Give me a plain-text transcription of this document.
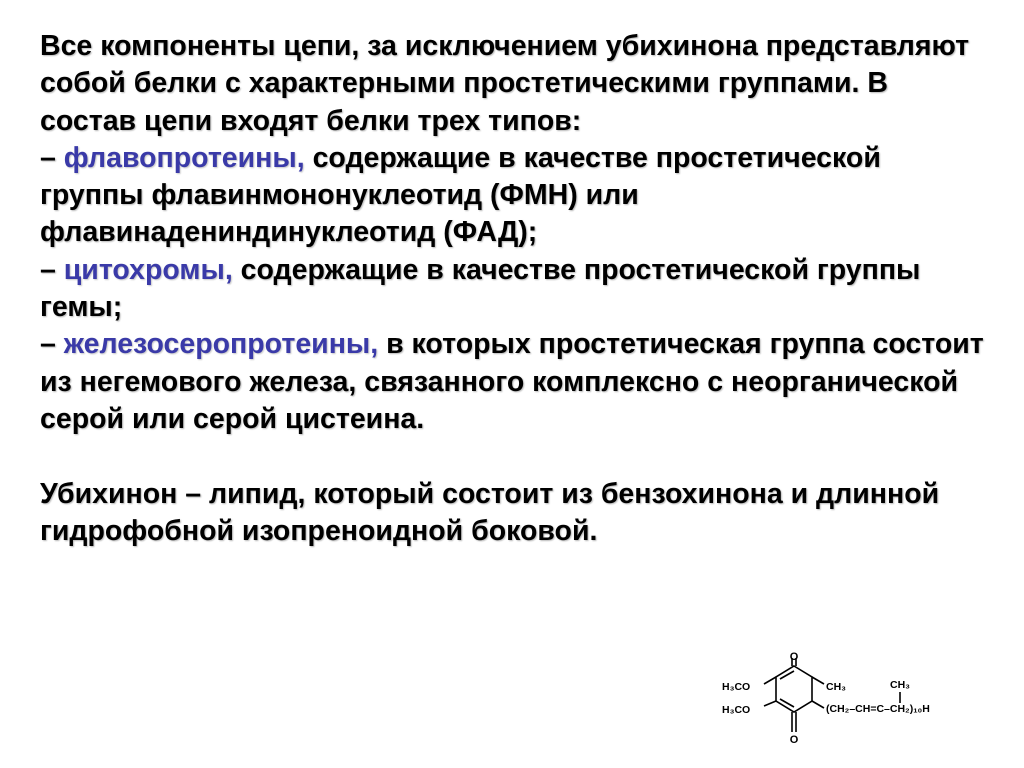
Все компоненты цепи, за исключением убихинона представляют собой белки с характерными простетическими группами. В состав цепи входят белки трех типов:

– флавопротеины, содержащие в качестве простетической группы флавинмононуклеотид (ФМН) или флавинадениндинуклеотид (ФАД);

– цитохромы, содержащие в качестве простетической группы гемы;

– железосеропротеины, в которых простетическая группа состоит из негемового железа, связанного комплексно с неорганической серой или серой цистеина.

Убихинон – липид, который состоит из бензохинона и длинной гидрофобной изопреноидной боковой.

O
O
H₃CO
H₃CO
CH₃	CH₃
(CH₂–CH=C–CH₂)₁₀H
